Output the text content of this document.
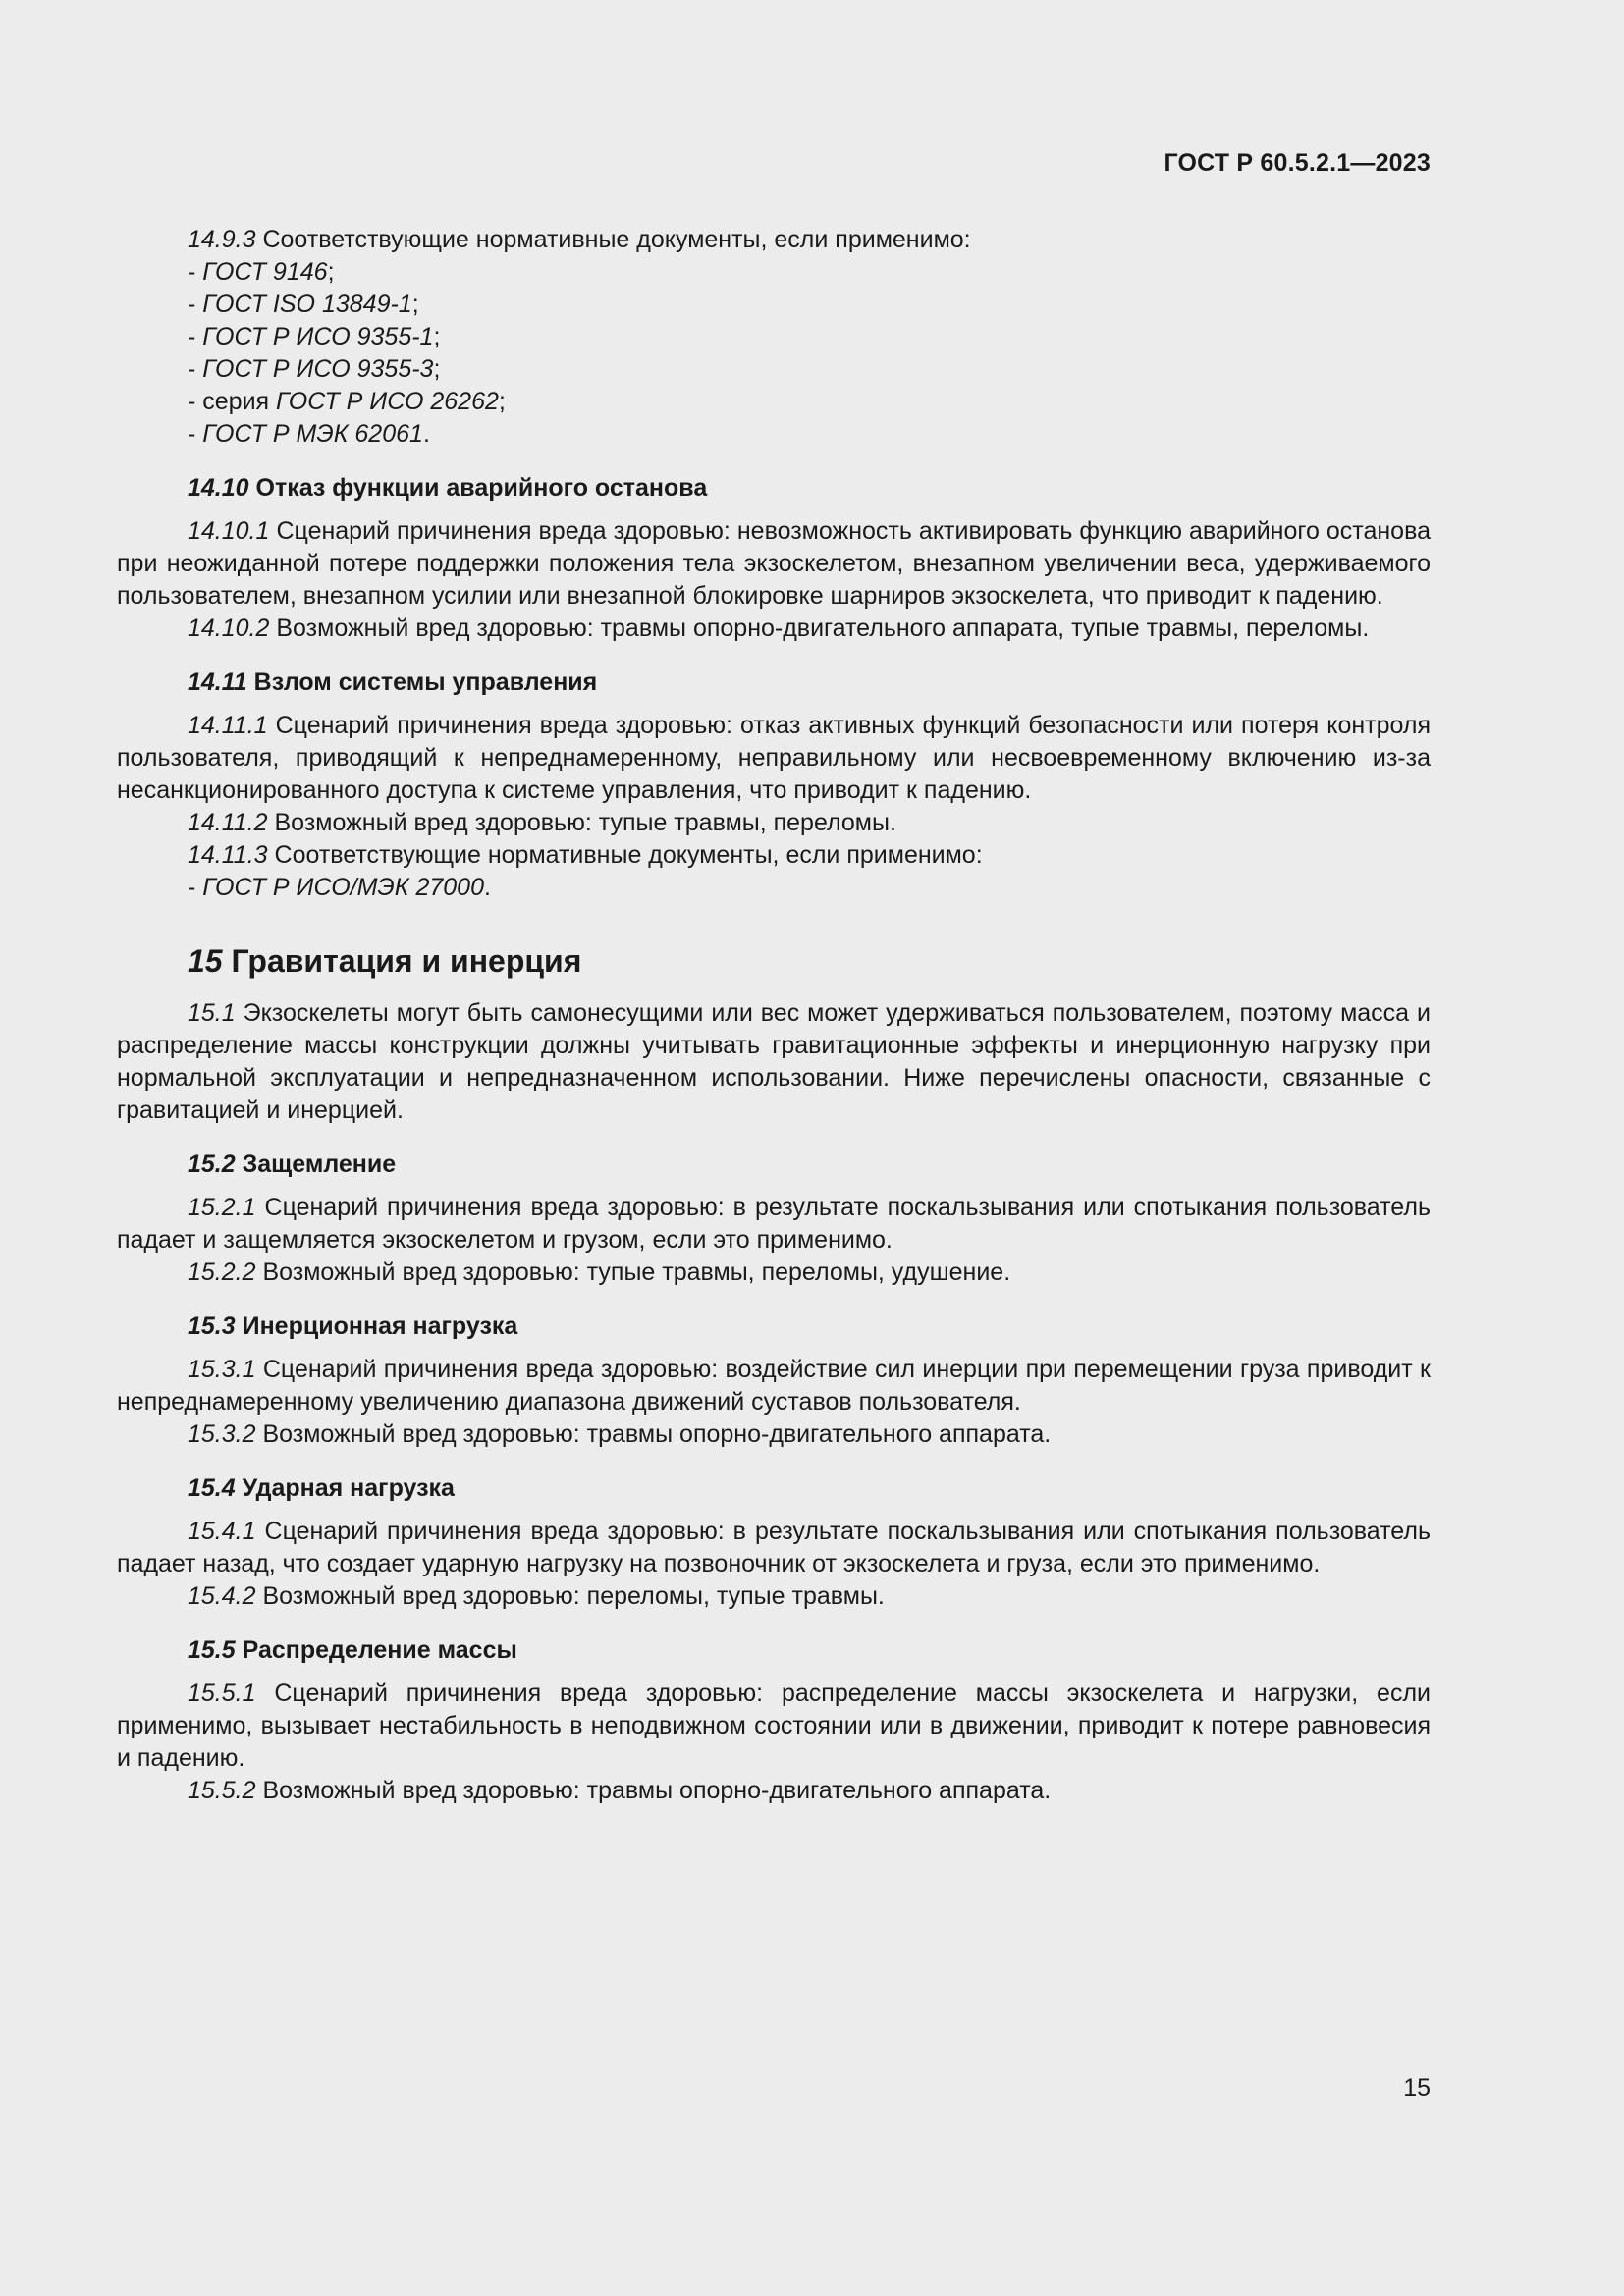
ГОСТ Р 60.5.2.1—2023

14.9.3 Соответствующие нормативные документы, если применимо:

- ГОСТ 9146;

- ГОСТ ISO 13849-1;

- ГОСТ Р ИСО 9355-1;

- ГОСТ Р ИСО 9355-3;

- серия ГОСТ Р ИСО 26262;

- ГОСТ Р МЭК 62061.

14.10 Отказ функции аварийного останова

14.10.1 Сценарий причинения вреда здоровью: невозможность активировать функцию аварийного останова при неожиданной потере поддержки положения тела экзоскелетом, внезапном увеличении веса, удерживаемого пользователем, внезапном усилии или внезапной блокировке шарниров экзоскелета, что приводит к падению.

14.10.2 Возможный вред здоровью: травмы опорно-двигательного аппарата, тупые травмы, переломы.

14.11 Взлом системы управления

14.11.1 Сценарий причинения вреда здоровью: отказ активных функций безопасности или потеря контроля пользователя, приводящий к непреднамеренному, неправильному или несвоевременному включению из-за несанкционированного доступа к системе управления, что приводит к падению.

14.11.2 Возможный вред здоровью: тупые травмы, переломы.

14.11.3 Соответствующие нормативные документы, если применимо:

- ГОСТ Р ИСО/МЭК 27000.

15 Гравитация и инерция

15.1 Экзоскелеты могут быть самонесущими или вес может удерживаться пользователем, поэтому масса и распределение массы конструкции должны учитывать гравитационные эффекты и инерционную нагрузку при нормальной эксплуатации и непредназначенном использовании. Ниже перечислены опасности, связанные с гравитацией и инерцией.

15.2 Защемление

15.2.1 Сценарий причинения вреда здоровью: в результате поскальзывания или спотыкания пользователь падает и защемляется экзоскелетом и грузом, если это применимо.

15.2.2 Возможный вред здоровью: тупые травмы, переломы, удушение.

15.3 Инерционная нагрузка

15.3.1 Сценарий причинения вреда здоровью: воздействие сил инерции при перемещении груза приводит к непреднамеренному увеличению диапазона движений суставов пользователя.

15.3.2 Возможный вред здоровью: травмы опорно-двигательного аппарата.

15.4 Ударная нагрузка

15.4.1 Сценарий причинения вреда здоровью: в результате поскальзывания или спотыкания пользователь падает назад, что создает ударную нагрузку на позвоночник от экзоскелета и груза, если это применимо.

15.4.2 Возможный вред здоровью: переломы, тупые травмы.

15.5 Распределение массы

15.5.1 Сценарий причинения вреда здоровью: распределение массы экзоскелета и нагрузки, если применимо, вызывает нестабильность в неподвижном состоянии или в движении, приводит к потере равновесия и падению.

15.5.2 Возможный вред здоровью: травмы опорно-двигательного аппарата.

15
